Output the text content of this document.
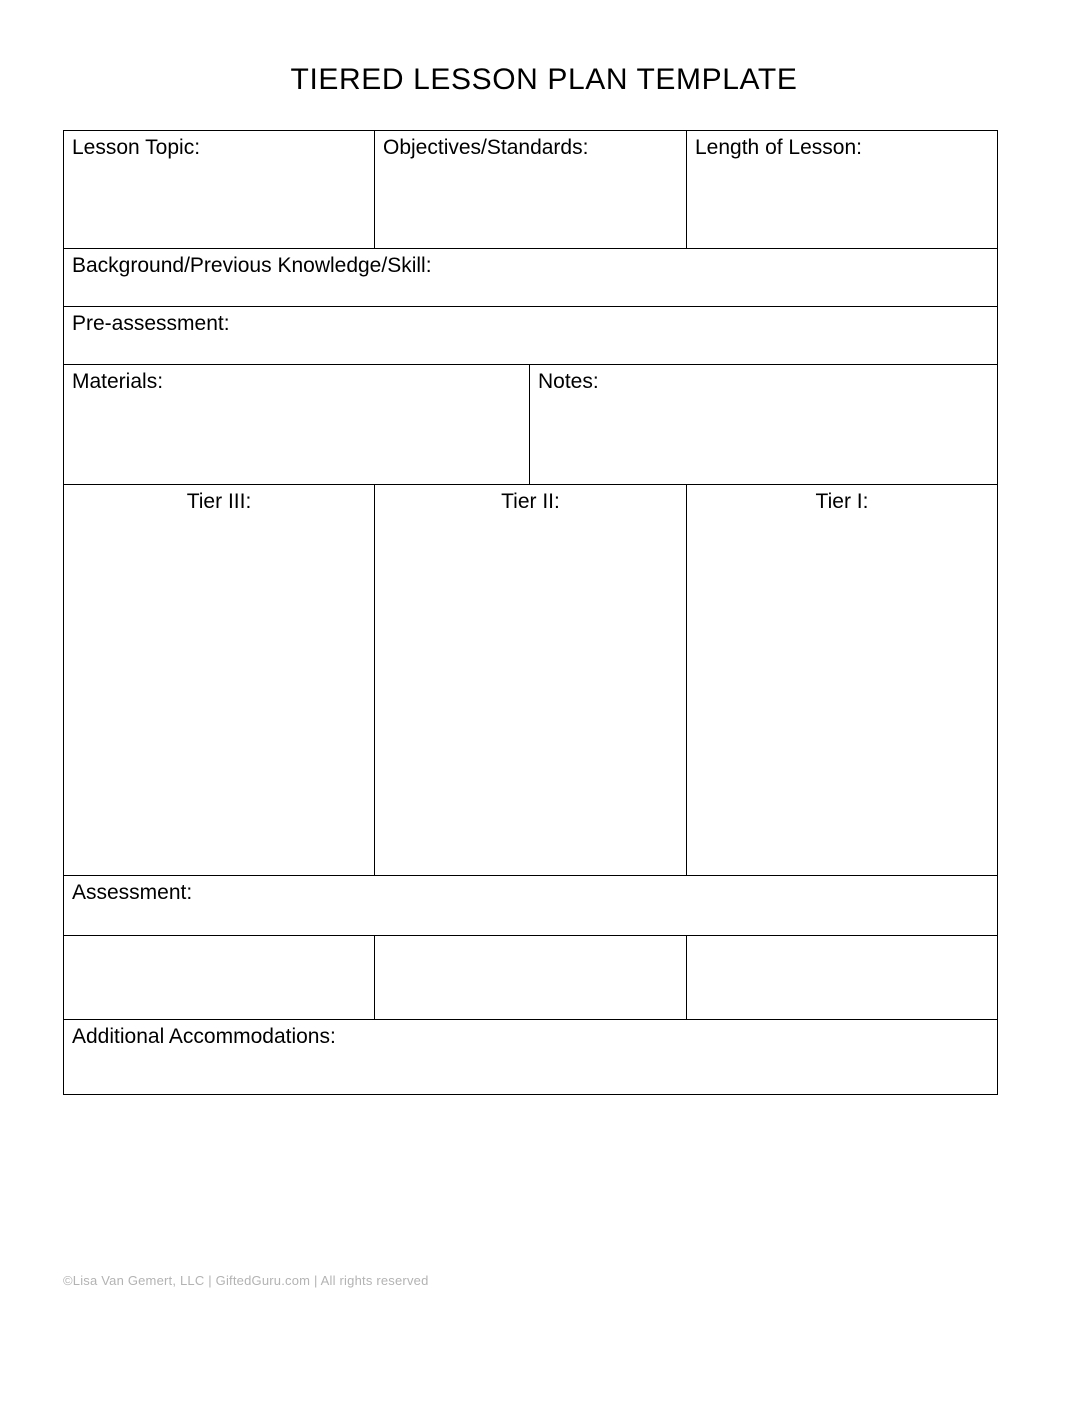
TIERED LESSON PLAN TEMPLATE
Lesson Topic:	Objectives/Standards:		Length of Lesson:

Background/Previous Knowledge/Skill:			

Pre-assessment:			

Materials:		Notes:	

Tier III:	Tier II:		Tier I:

Assessment:			

Additional Accommodations:			
©Lisa Van Gemert, LLC | GiftedGuru.com | All rights reserved
